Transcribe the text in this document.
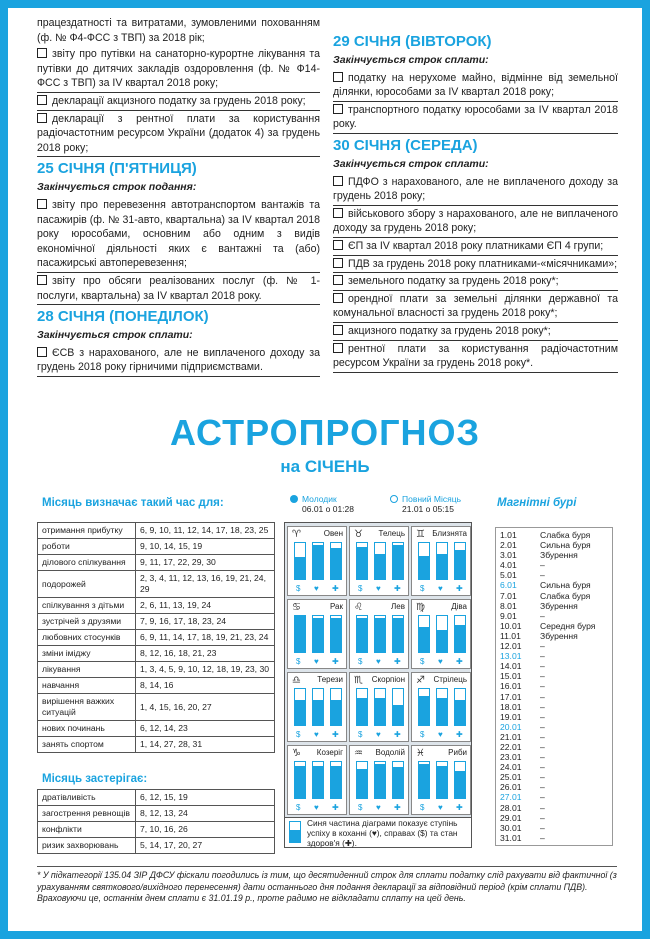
працездатності та витратами, зумовленими похованням (ф. № Ф4-ФСС з ТВП) за 2018 рік;
звіту про путівки на санаторно-курортне лікування та путівки до дитячих закладів оздоровлення (ф. № Ф14-ФСС з ТВП) за IV квартал 2018 року;
декларації акцизного податку за грудень 2018 року;
декларації з рентної плати за користування радіочастотним ресурсом України (додаток 4) за грудень 2018 року;
25 СІЧНЯ (П'ЯТНИЦЯ)
Закінчується строк подання:
звіту про перевезення автотранспортом вантажів та пасажирів (ф. № 31-авто, квартальна) за IV квартал 2018 року юрособами, основним або одним з видів економічної діяльності яких є вантажні та (або) пасажирські автоперевезення;
звіту про обсяги реалізованих послуг (ф. № 1-послуги, квартальна) за IV квартал 2018 року.
28 СІЧНЯ (ПОНЕДІЛОК)
Закінчується строк сплати:
ЄСВ з нарахованого, але не виплаченого доходу за грудень 2018 року гірничими підприємствами.
29 СІЧНЯ (ВІВТОРОК)
Закінчується строк сплати:
податку на нерухоме майно, відмінне від земельної ділянки, юрособами за IV квартал 2018 року;
транспортного податку юрособами за IV квартал 2018 року.
30 СІЧНЯ (СЕРЕДА)
Закінчується строк сплати:
ПДФО з нарахованого, але не виплаченого доходу за грудень 2018 року;
військового збору з нарахованого, але не виплаченого доходу за грудень 2018 року;
ЄП за IV квартал 2018 року платниками ЄП 4 групи;
ПДВ за грудень 2018 року платниками-«місячниками»;
земельного податку за грудень 2018 року*;
орендної плати за земельні ділянки державної та комунальної власності за грудень 2018 року*;
акцизного податку за грудень 2018 року*;
рентної плати за користування радіочастотним ресурсом України за грудень 2018 року*.
АСТРОПРОГНОЗ
на СІЧЕНЬ
Місяць визначає такий час для:
отримання прибутку	6, 9, 10, 11, 12, 14, 17, 18, 23, 25
роботи	9, 10, 14, 15, 19
ділового спілкування	9, 11, 17, 22, 29, 30
подорожей	2, 3, 4, 11, 12, 13, 16, 19, 21, 24, 29
спілкування з дітьми	2, 6, 11, 13, 19, 24
зустрічей з друзями	7, 9, 16, 17, 18, 23, 24
любовних стосунків	6, 9, 11, 14, 17, 18, 19, 21, 23, 24
зміни іміджу	8, 12, 16, 18, 21, 23
лікування	1, 3, 4, 5, 9, 10, 12, 18, 19, 23, 30
навчання	8, 14, 16
вирішення важких ситуацій	1, 4, 15, 16, 20, 27
нових починань	6, 12, 14, 23
занять спортом	1, 14, 27, 28, 31
Місяць застерігає:
дратівливість	6, 12, 15, 19
загострення ревнощів	8, 12, 13, 24
конфлікти	7, 10, 16, 26
ризик захворювань	5, 14, 17, 20, 27
Молодик
06.01 о 01:28
Повний Місяць
21.01 о 05:15
♈	Овен
$ ♥ ✚
♉ Телець
$ ♥ ✚
♊ Близнята
$ ♥ ✚
♋	Рак
$ ♥ ✚
♌	Лев
$ ♥ ✚
♍	Діва
$ ♥ ✚
♎ Терези
$ ♥ ✚
♏ Скорпіон
$ ♥ ✚
♐ Стрілець
$ ♥ ✚
♑ Козеріг
$ ♥ ✚
♒ Водолій
$ ♥ ✚
♓	Риби
$ ♥ ✚
Синя частина діаграми показує ступінь успіху в коханні (♥), справах ($) та стан здоров'я (✚).
Магнітні бурі
1.01	Слабка буря
2.01	Сильна буря
3.01	Збурення
4.01	–
5.01	–
6.01	Сильна буря
7.01	Слабка буря
8.01	Збурення
9.01	–
10.01 Середня буря
11.01 Збурення
12.01 –
13.01 –
14.01 –
15.01 –
16.01 –
17.01 –
18.01 –
19.01 –
20.01 –
21.01 –
22.01 –
23.01 –
24.01 –
25.01 –
26.01 –
27.01 –
28.01 –
29.01 –
30.01 –
31.01 –
* У підкатегорії 135.04 ЗІР ДФСУ фіскали погодились із тим, що десятиденний строк для сплати податку слід рахувати від фактичної (з урахуванням святкового/вихідного перенесення) дати останнього дня подання декларації за відповідний період (крім сплати ПДВ). Враховуючи це, останнім днем сплати є 31.01.19 р., проте радимо не відкладати сплату на цей день.
